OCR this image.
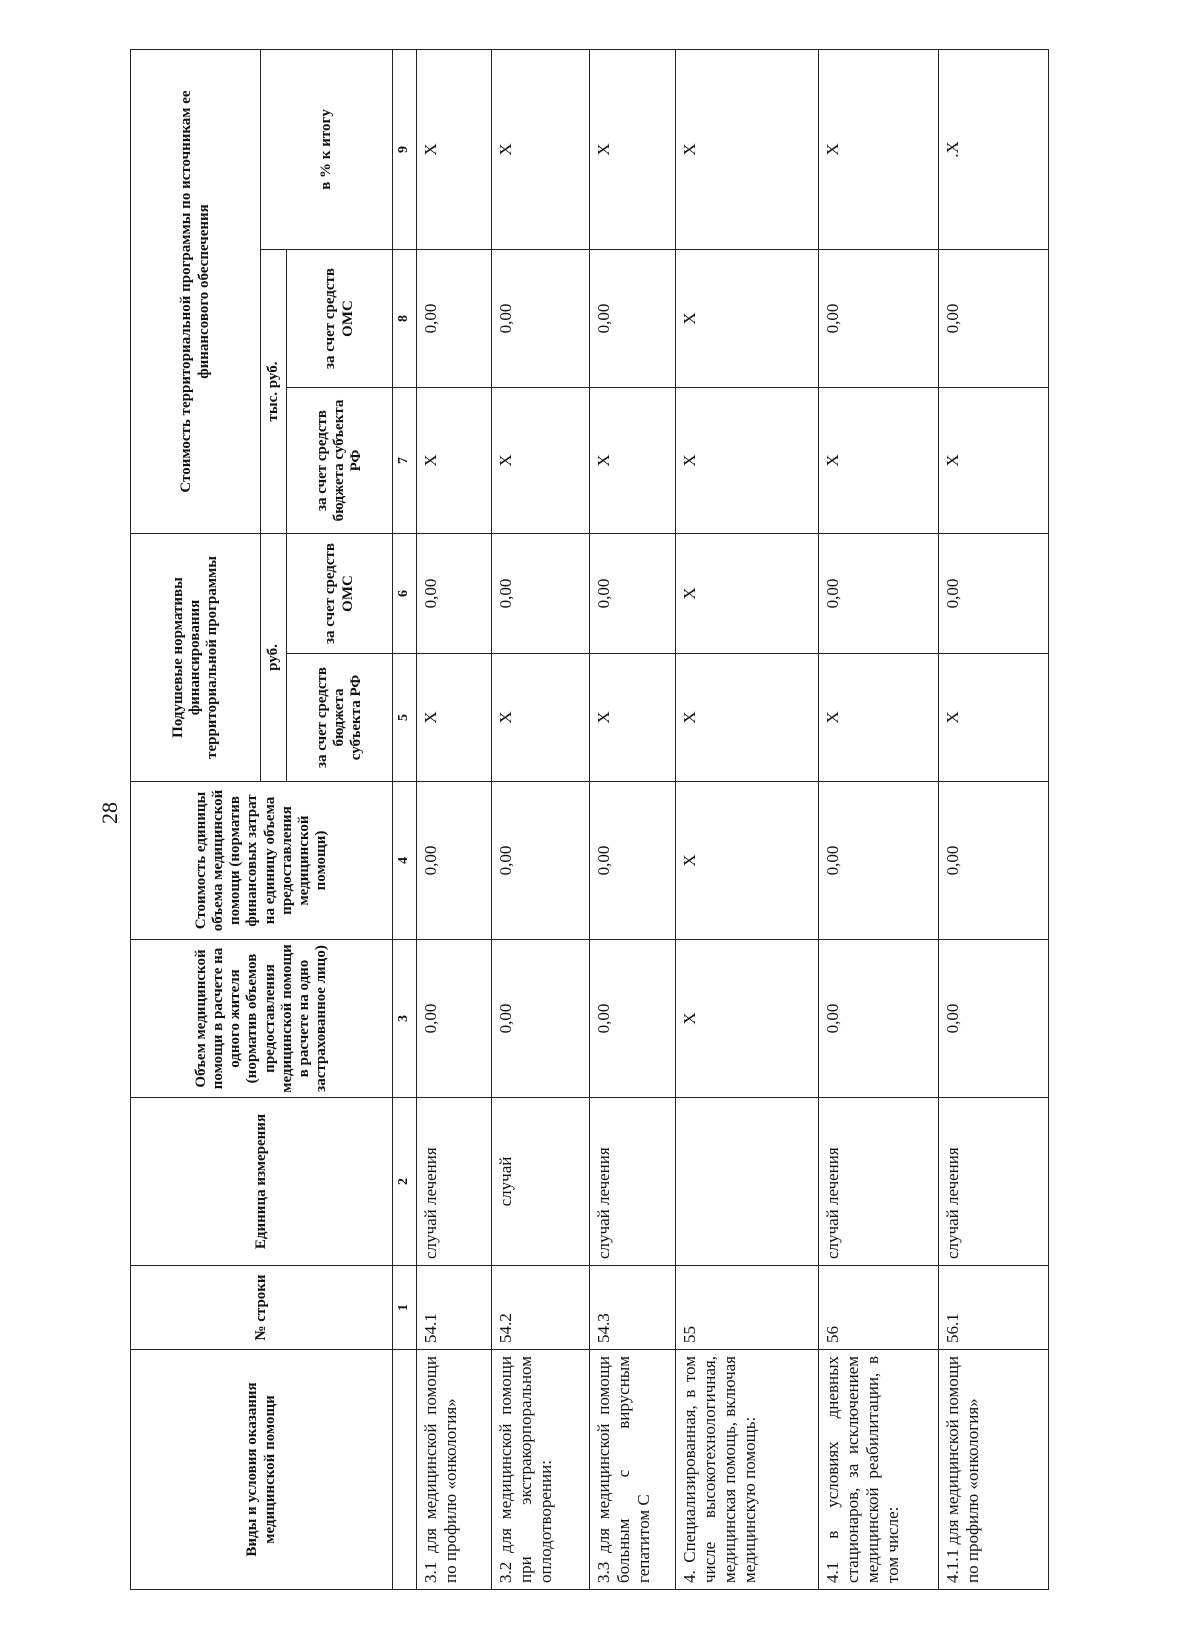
28
Виды и условия оказания медицинской помощи	№ строки	Единица измерения	Объем медицинской помощи в расчете на одного жителя (норматив объемов предоставления медицинской помощи в расчете на одно застрахованное лицо)	Стоимость единицы объема медицинской помощи (норматив финансовых затрат на единицу объема предоставления медицинской помощи)	Подушевые нормативы финансирования территориальной программы		Стоимость территориальной программы по источникам ее финансового обеспечения		
					руб.		тыс. руб.		в % к итогу
					за счет средств бюджета субъекта РФ	за счет средств ОМС	за счет средств бюджета субъекта РФ	за счет средств ОМС	
	1	2	3	4	5	6	7	8	9
3.1 для медицинской помощи по профилю «онкология»	54.1	случай лечения	0,00	0,00	X	0,00	X	0,00	X
3.2 для медицинской помощи при экстракорпоральном оплодотворении:	54.2	случай	0,00	0,00	X	0,00	X	0,00	X
3.3 для медицинской помощи больным с вирусным гепатитом С	54.3	случай лечения	0,00	0,00	X	0,00	X	0,00	X
4. Специализированная, в том числе высокотехнологичная, медицинская помощь, включая медицинскую помощь:	55		X	X	X	X	X	X	X
4.1 в условиях дневных стационаров, за исключением медицинской реабилитации, в том числе:	56	случай лечения	0,00	0,00	X	0,00	X	0,00	X
4.1.1 для медицинской помощи по профилю «онкология»	56.1	случай лечения	0,00	0,00	X	0,00	X	0,00	.X
